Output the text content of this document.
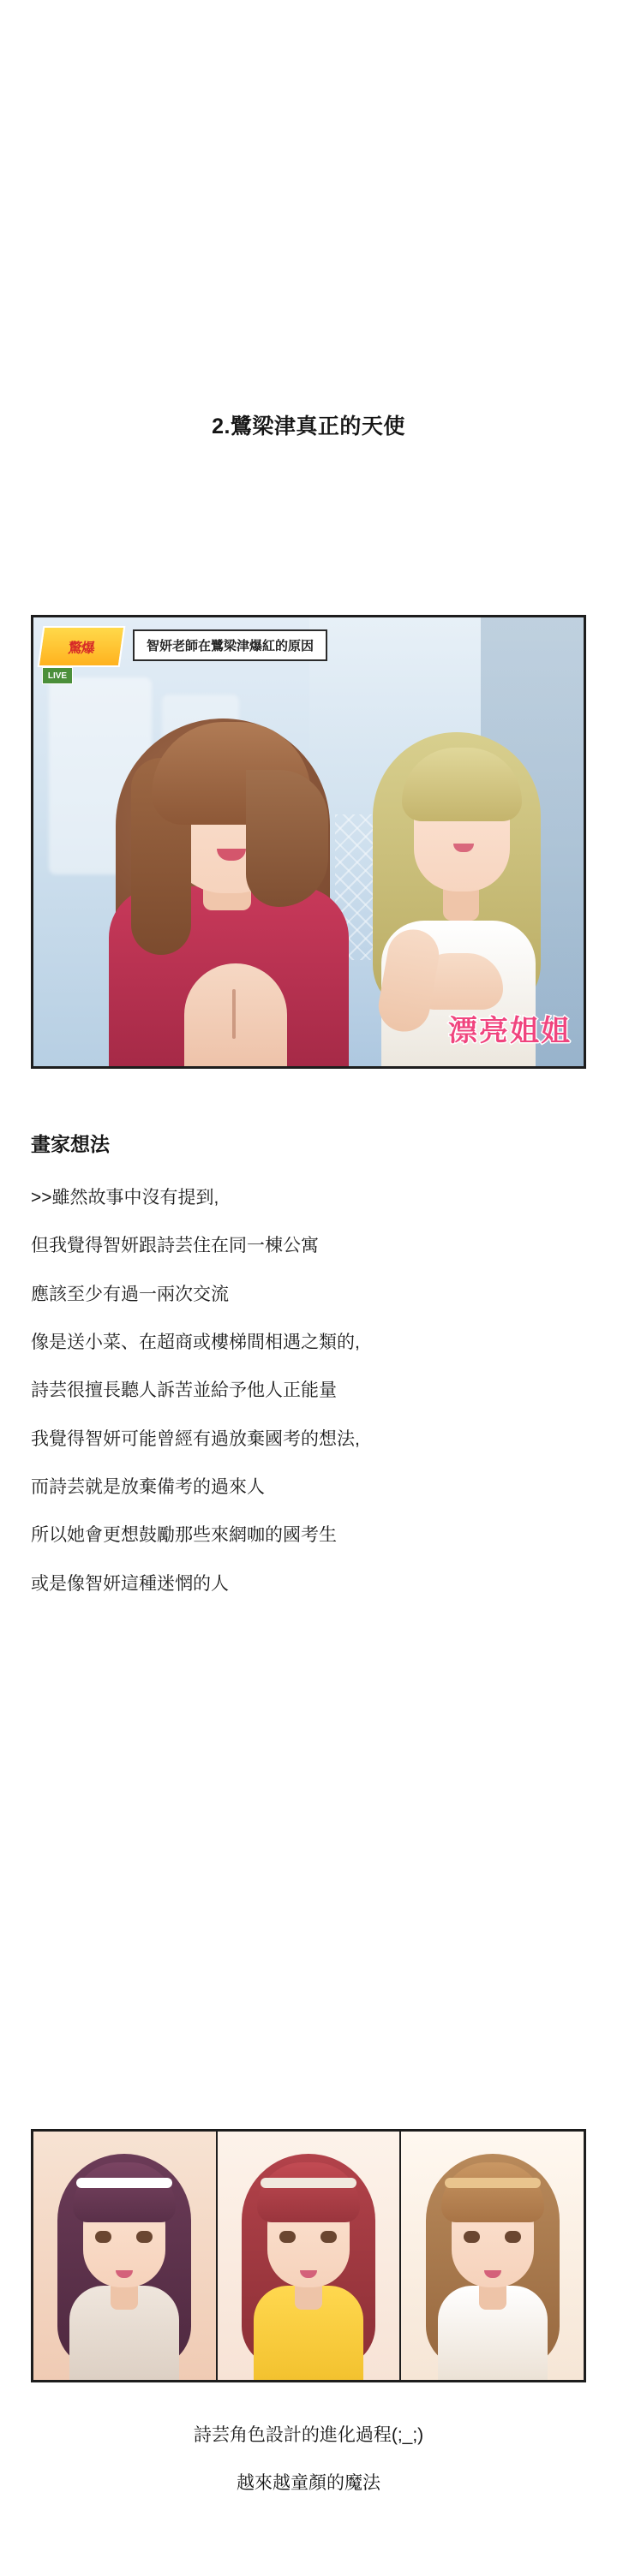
2.鷺梁津真正的天使
驚爆
LIVE
智妍老師在鷺梁津爆紅的原因
漂亮姐姐
畫家想法
>>雖然故事中沒有提到,
但我覺得智妍跟詩芸住在同一棟公寓
應該至少有過一兩次交流
像是送小菜、在超商或樓梯間相遇之類的,
詩芸很擅長聽人訴苦並給予他人正能量
我覺得智妍可能曾經有過放棄國考的想法,
而詩芸就是放棄備考的過來人
所以她會更想鼓勵那些來網咖的國考生
或是像智妍這種迷惘的人
詩芸角色設計的進化過程(;_;)
越來越童顏的魔法
